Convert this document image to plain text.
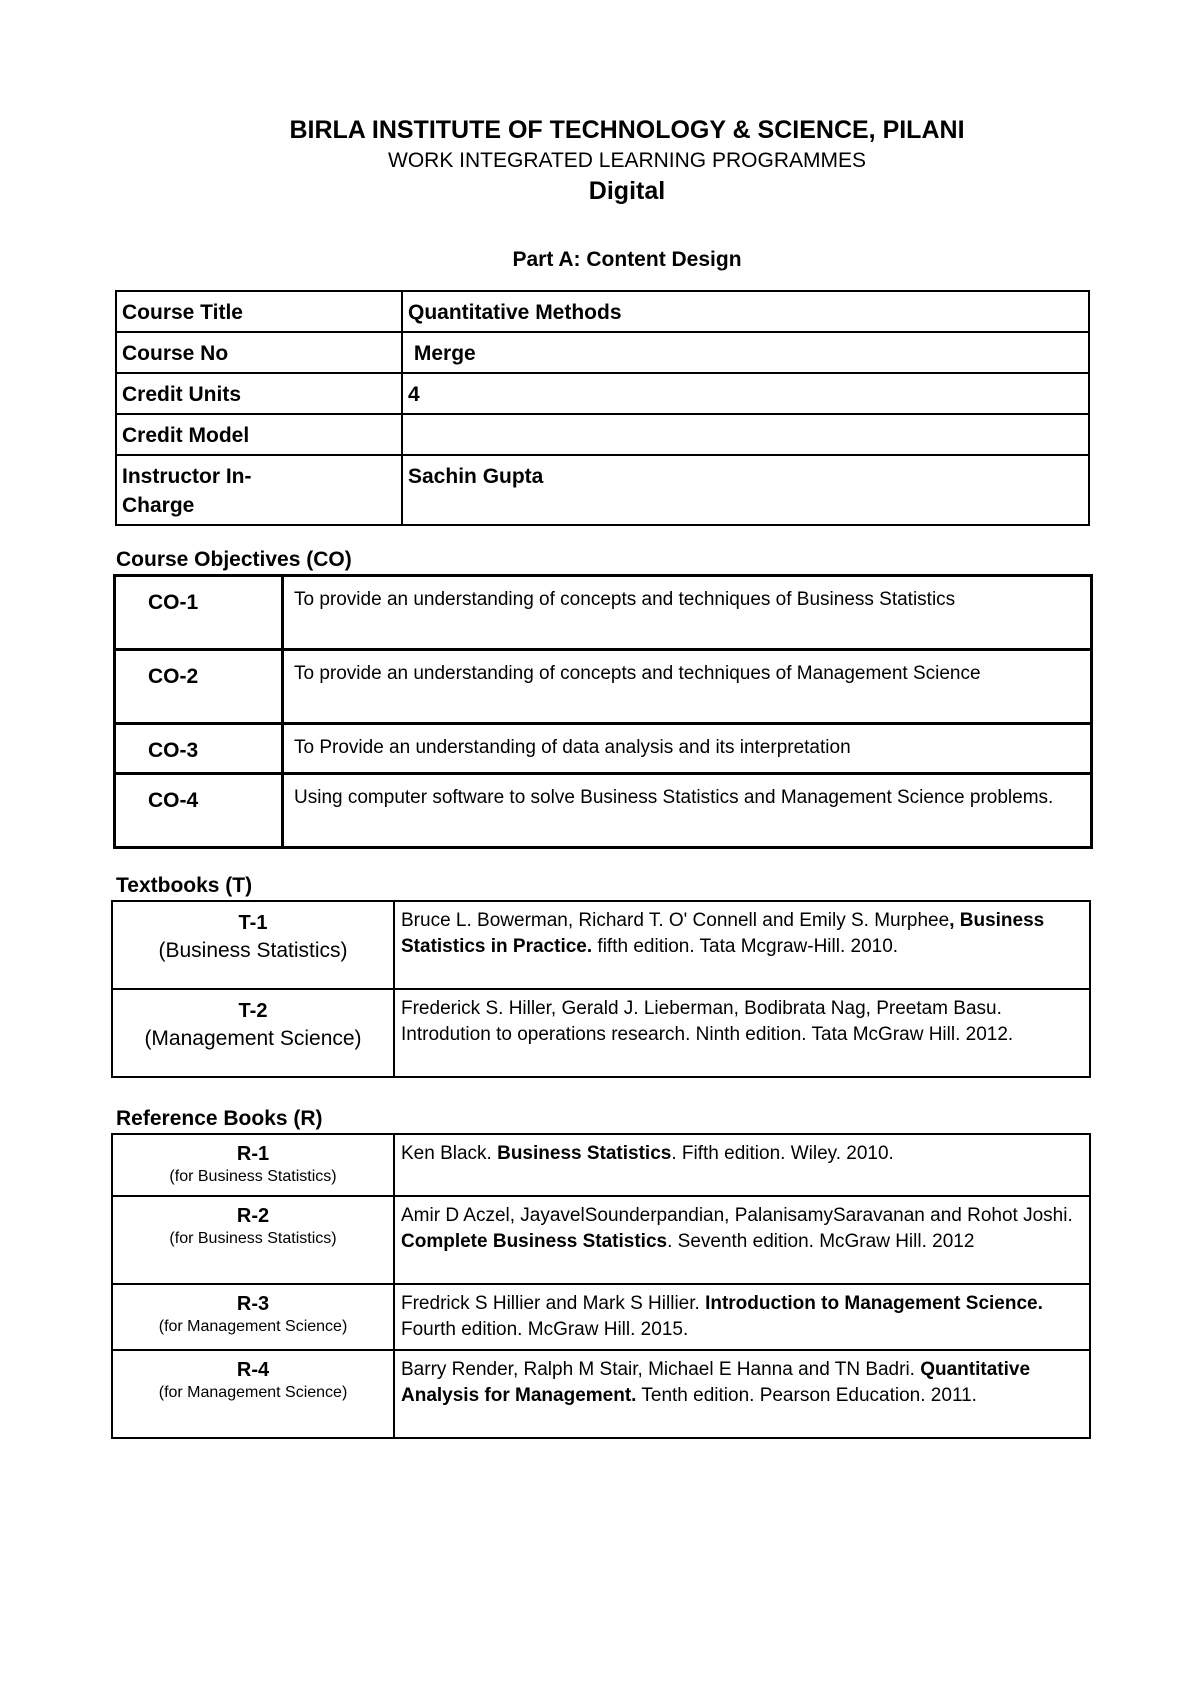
BIRLA INSTITUTE OF TECHNOLOGY & SCIENCE, PILANI
WORK INTEGRATED LEARNING PROGRAMMES
Digital
Part A: Content Design
Course Title	Quantitative Methods
Course No	Merge
Credit Units	4
Credit Model	
Instructor In-
Charge	Sachin Gupta
Course Objectives (CO)
CO-1	To provide an understanding of concepts and techniques of Business Statistics
CO-2	To provide an understanding of concepts and techniques of Management Science
CO-3	To Provide an understanding of data analysis and its interpretation
CO-4	Using computer software to solve Business Statistics and Management Science problems.
Textbooks (T)
T-1
(Business Statistics)	Bruce L. Bowerman, Richard T. O' Connell and Emily S. Murphee, Business Statistics in Practice. fifth edition. Tata Mcgraw-Hill. 2010.
T-2
(Management Science)	Frederick S. Hiller, Gerald J. Lieberman, Bodibrata Nag, Preetam Basu. Introdution to operations research. Ninth edition. Tata McGraw Hill. 2012.
Reference Books (R)
R-1
(for Business Statistics)	Ken Black. Business Statistics. Fifth edition. Wiley. 2010.

R-2
(for Business Statistics)	Amir D Aczel, JayavelSounderpandian, PalanisamySaravanan and Rohot Joshi. Complete Business Statistics. Seventh edition. McGraw Hill. 2012

R-3
(for Management Science)	Fredrick S Hillier and Mark S Hillier. Introduction to Management Science. Fourth edition. McGraw Hill. 2015.

R-4
(for Management Science)	Barry Render, Ralph M Stair, Michael E Hanna and TN Badri. Quantitative Analysis for Management. Tenth edition. Pearson Education. 2011.
